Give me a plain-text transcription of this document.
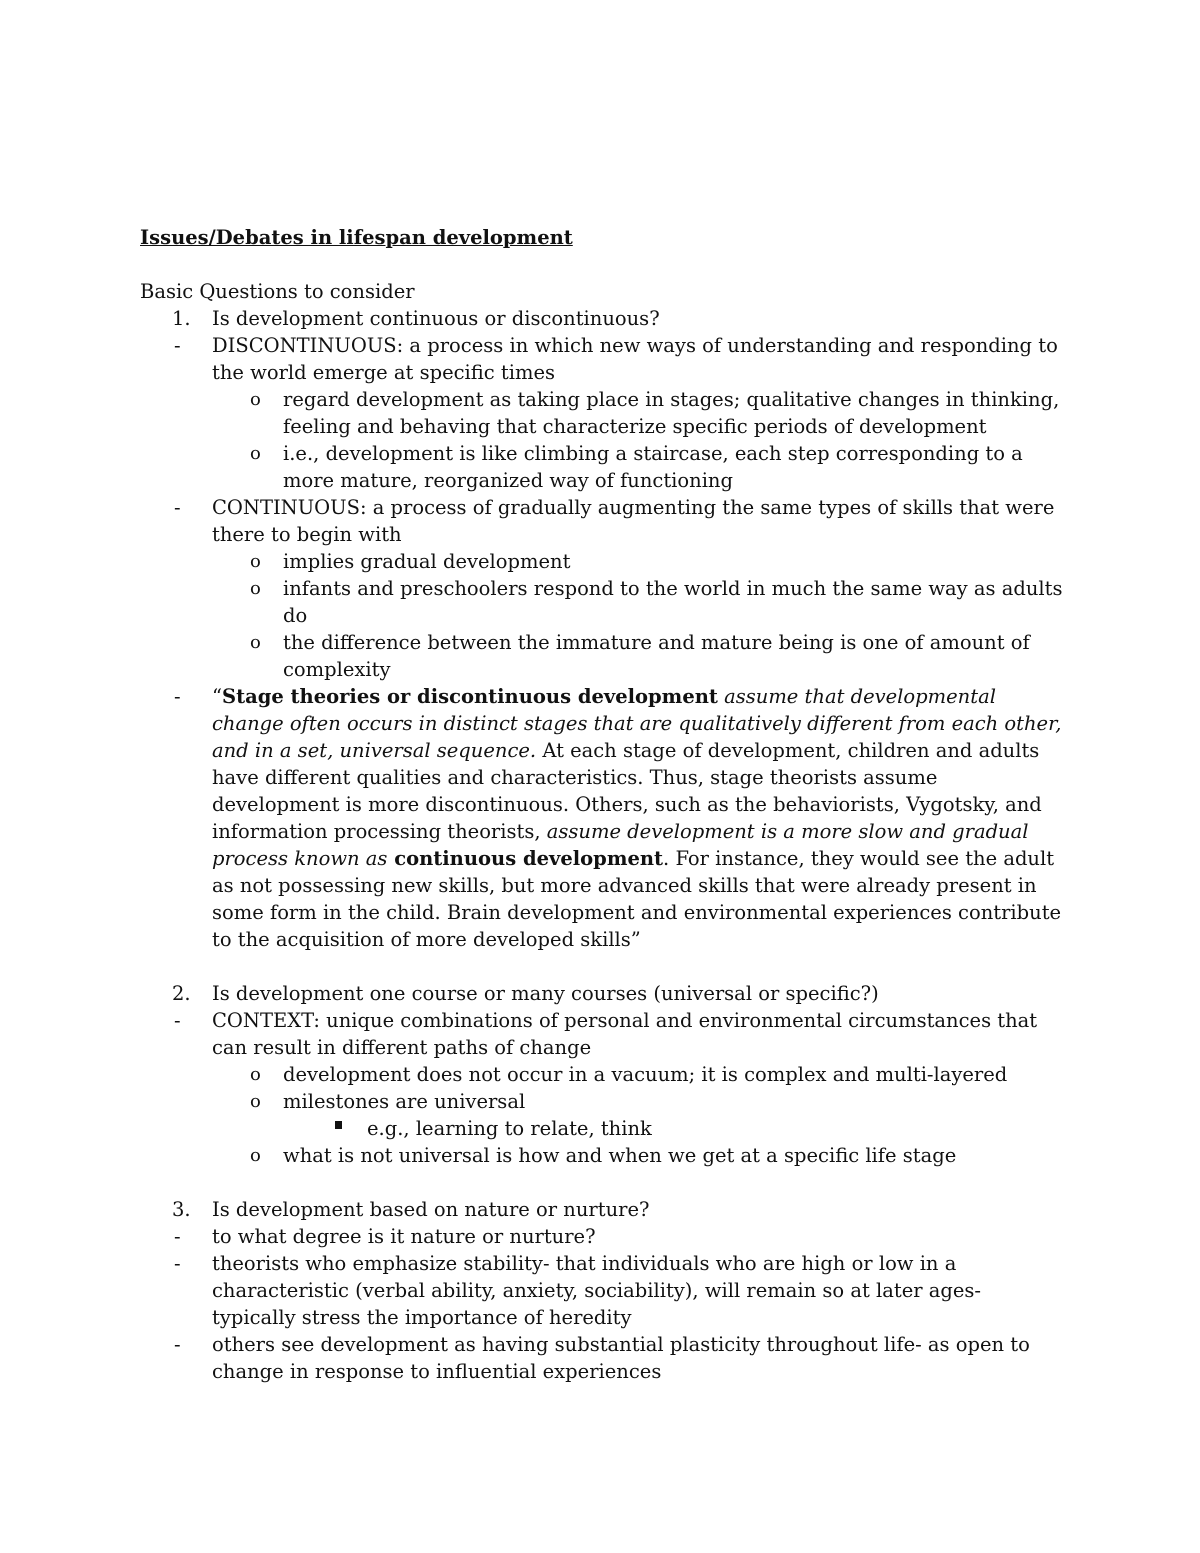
Issues/Debates in lifespan development

Basic Questions to consider

1. Is development continuous or discontinuous?
- DISCONTINUOUS: a process in which new ways of understanding and responding to the world emerge at specific times
o regard development as taking place in stages; qualitative changes in thinking, feeling and behaving that characterize specific periods of development
o i.e., development is like climbing a staircase, each step corresponding to a more mature, reorganized way of functioning
- CONTINUOUS: a process of gradually augmenting the same types of skills that were there to begin with
o implies gradual development
o infants and preschoolers respond to the world in much the same way as adults do
o the difference between the immature and mature being is one of amount of complexity
- “Stage theories or discontinuous development assume that developmental change often occurs in distinct stages that are qualitatively different from each other, and in a set, universal sequence. At each stage of development, children and adults have different qualities and characteristics. Thus, stage theorists assume development is more discontinuous. Others, such as the behaviorists, Vygotsky, and information processing theorists, assume development is a more slow and gradual process known as continuous development. For instance, they would see the adult as not possessing new skills, but more advanced skills that were already present in some form in the child. Brain development and environmental experiences contribute to the acquisition of more developed skills”
2. Is development one course or many courses (universal or specific?)
- CONTEXT: unique combinations of personal and environmental circumstances that can result in different paths of change
o development does not occur in a vacuum; it is complex and multi-layered
o milestones are universal
e.g., learning to relate, think
o what is not universal is how and when we get at a specific life stage
3. Is development based on nature or nurture?
- to what degree is it nature or nurture?
- theorists who emphasize stability- that individuals who are high or low in a characteristic (verbal ability, anxiety, sociability), will remain so at later ages- typically stress the importance of heredity
- others see development as having substantial plasticity throughout life- as open to change in response to influential experiences
